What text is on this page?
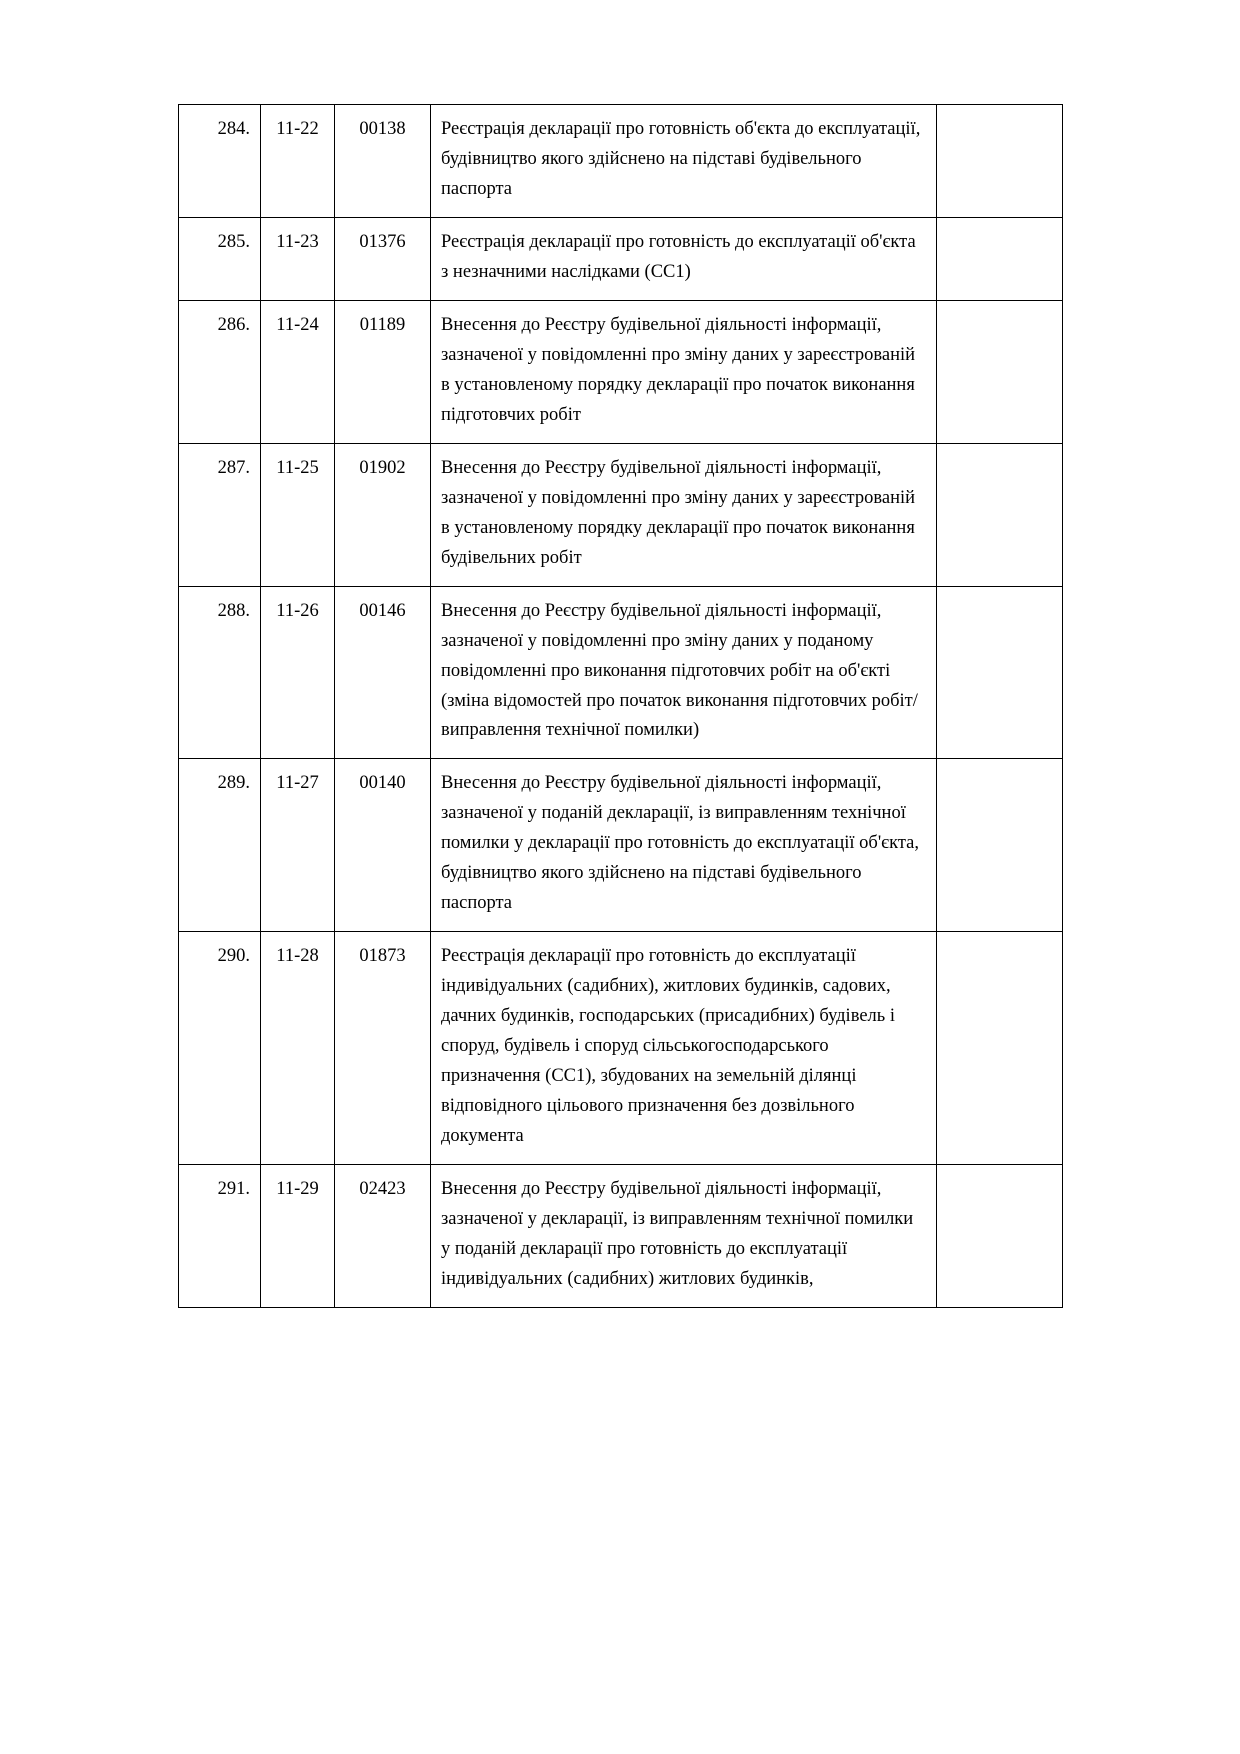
284.	11-22	00138	Реєстрація декларації про готовність об'єкта до експлуатації, будівництво якого здійснено на підставі будівельного паспорта	
285.	11-23	01376	Реєстрація декларації про готовність до експлуатації об'єкта з незначними наслідками (СС1)	
286.	11-24	01189	Внесення до Реєстру будівельної діяльності інформації, зазначеної у повідомленні про зміну даних у зареєстрованій в установленому порядку декларації про початок виконання підготовчих робіт	
287.	11-25	01902	Внесення до Реєстру будівельної діяльності інформації, зазначеної у повідомленні про зміну даних у зареєстрованій в установленому порядку декларації про початок виконання будівельних робіт	
288.	11-26	00146	Внесення до Реєстру будівельної діяльності інформації, зазначеної у повідомленні про зміну даних у поданому повідомленні про виконання підготовчих робіт на об'єкті (зміна відомостей про початок виконання підготовчих робіт/виправлення технічної помилки)	
289.	11-27	00140	Внесення до Реєстру будівельної діяльності інформації, зазначеної у поданій декларації, із виправленням технічної помилки у декларації про готовність до експлуатації об'єкта, будівництво якого здійснено на підставі будівельного паспорта	
290.	11-28	01873	Реєстрація декларації про готовність до експлуатації індивідуальних (садибних), житлових будинків, садових, дачних будинків, господарських (присадибних) будівель і споруд, будівель і споруд сільськогосподарського призначення (СС1), збудованих на земельній ділянці відповідного цільового призначення без дозвільного документа	
291.	11-29	02423	Внесення до Реєстру будівельної діяльності інформації, зазначеної у декларації, із виправленням технічної помилки у поданій декларації про готовність до експлуатації індивідуальних (садибних) житлових будинків,	
